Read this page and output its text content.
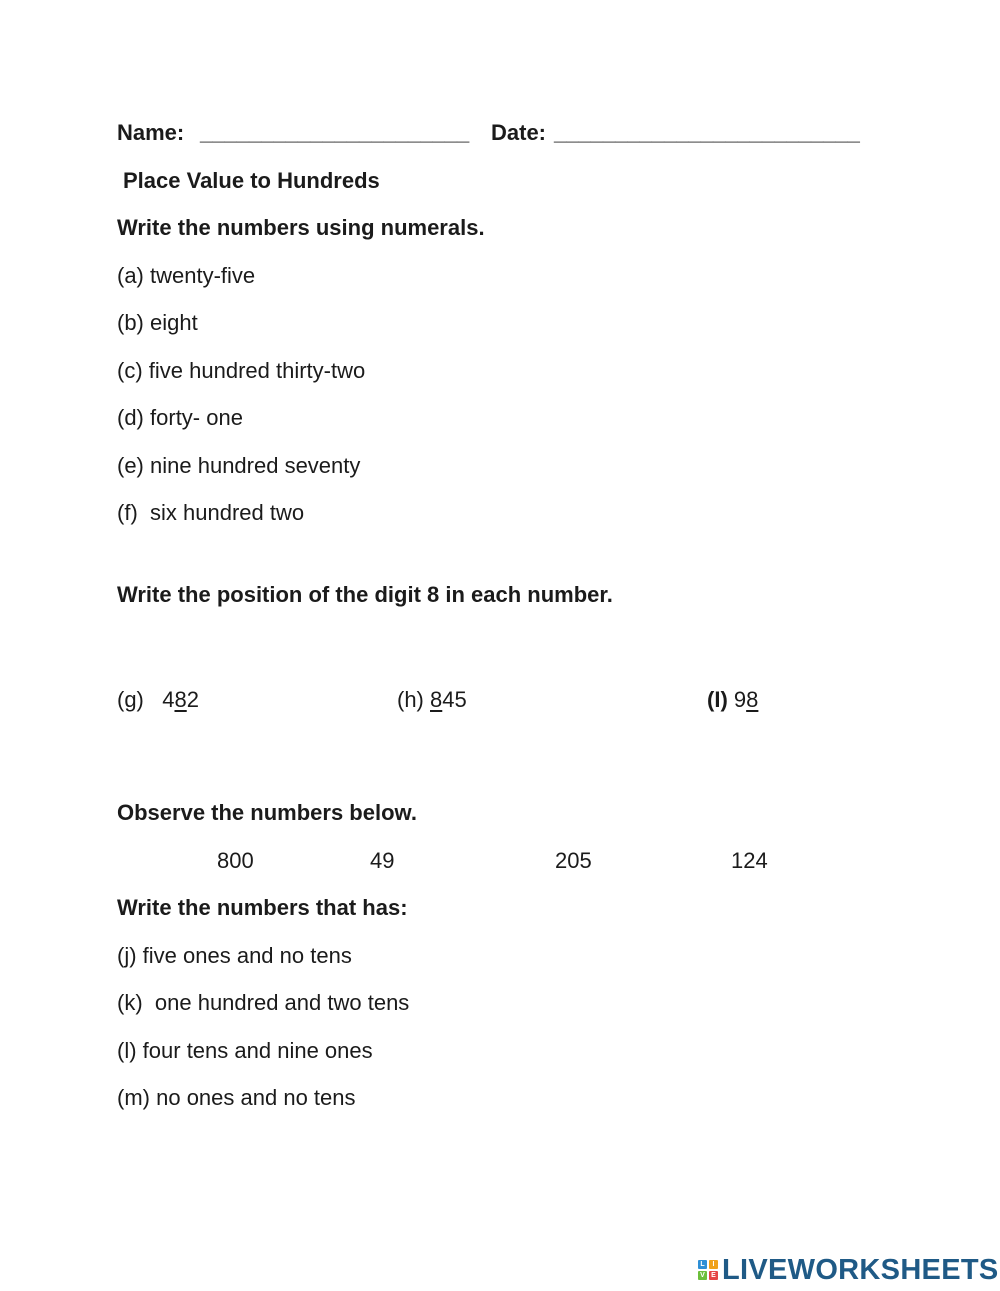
Name: ______________________ Date: _________________________
Place Value to Hundreds
Write the numbers using numerals.
(a) twenty-five
(b) eight
(c) five hundred thirty-two
(d) forty- one
(e) nine hundred seventy
(f) six hundred two
Write the position of the digit 8 in each number.
(g) 482	(h) 845	(I) 98
Observe the numbers below.
800	49	205	124
Write the numbers that has:
(j) five ones and no tens
(k) one hundred and two tens
(l) four tens and nine ones
(m) no ones and no tens
L	I
V E LIVEWORKSHEETS
